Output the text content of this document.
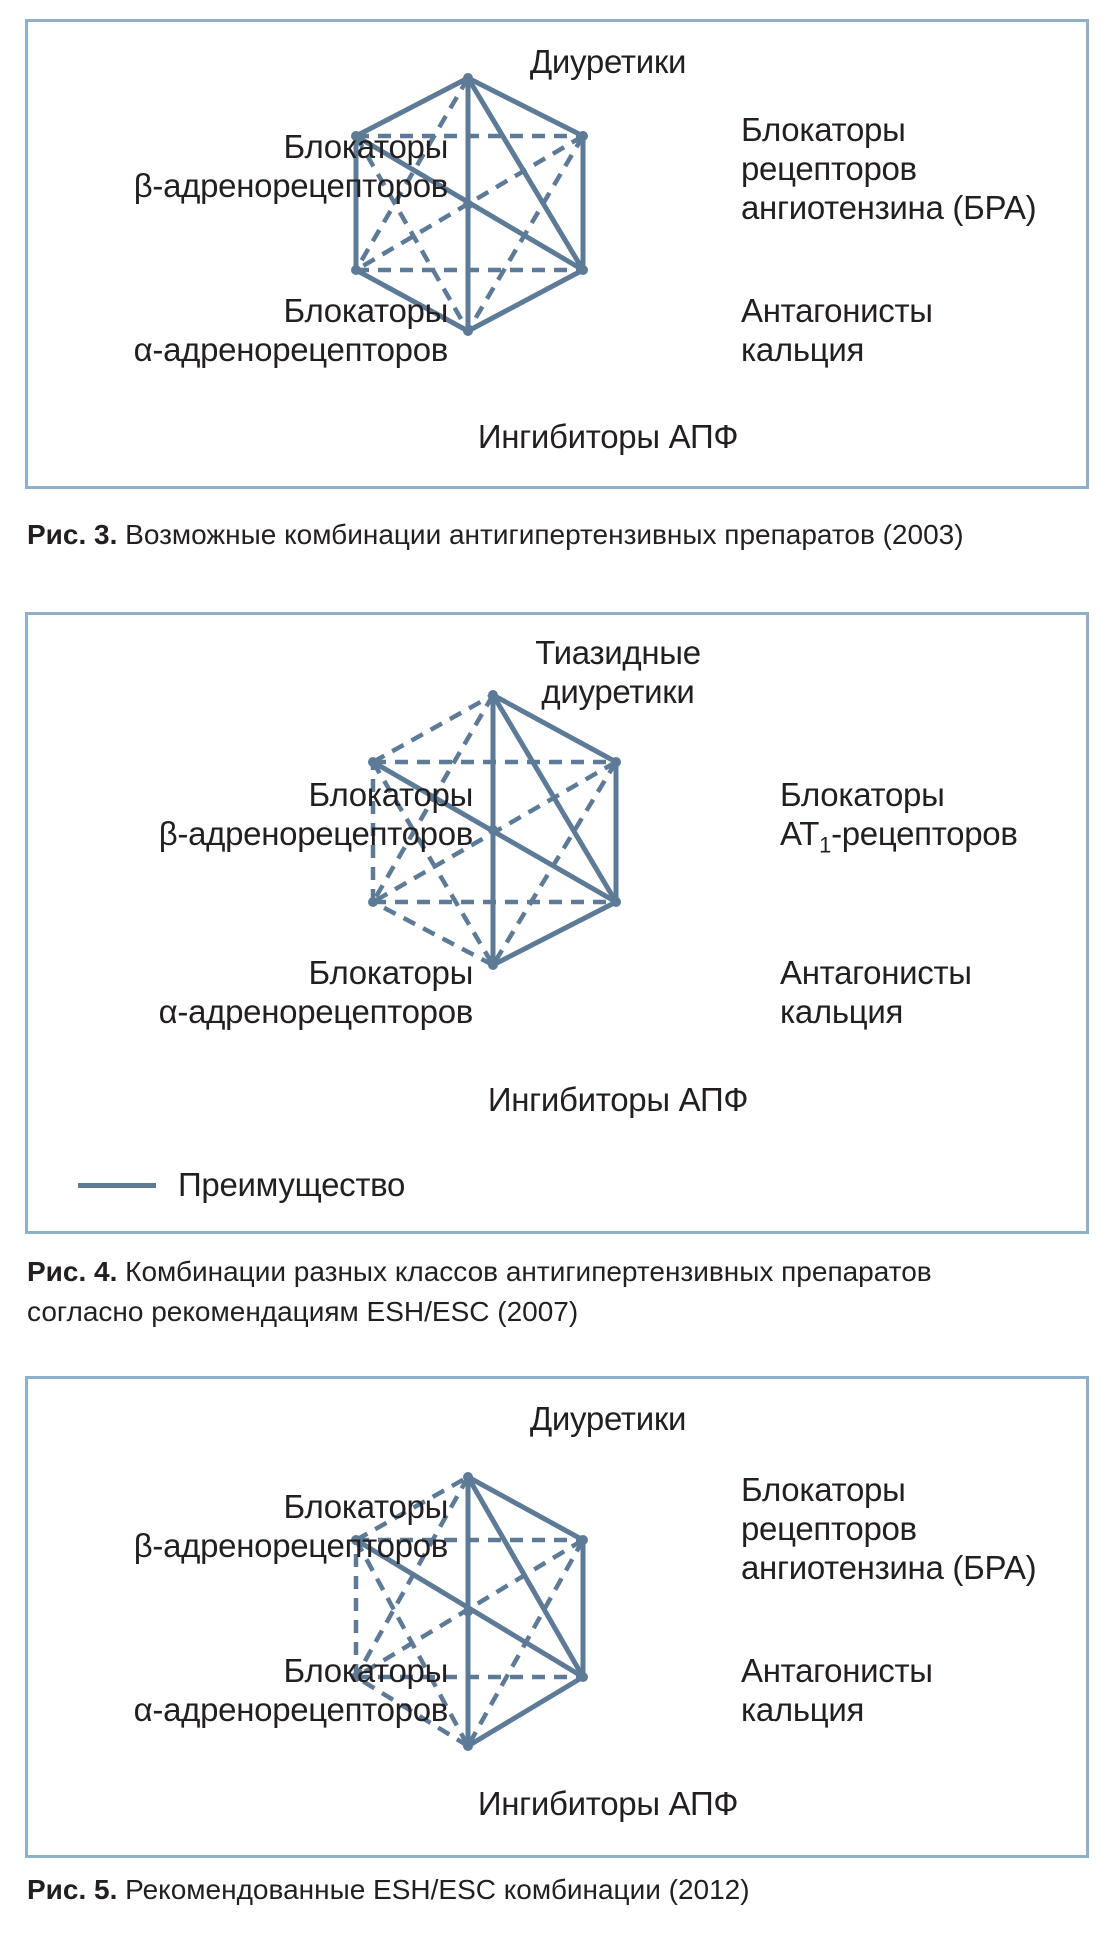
Диуретики
Блокаторы
β-адренорецепторов
Блокаторы
рецепторов
ангиотензина (БРА)
Блокаторы
α-адренорецепторов
Антагонисты
кальция
Ингибиторы АПФ
Рис. 3. Возможные комбинации антигипертензивных препаратов (2003)
Тиазидные
диуретики
Блокаторы
β-адренорецепторов
Блокаторы
$AT_1$-рецепторов
Блокаторы
α-адренорецепторов
Антагонисты
кальция
Ингибиторы АПФ
Преимущество
Рис. 4. Комбинации разных классов антигипертензивных препаратов
согласно рекомендациям ESH/ESC (2007)
Диуретики
Блокаторы
β-адренорецепторов
Блокаторы
рецепторов
ангиотензина (БРА)
Блокаторы
α-адренорецепторов
Антагонисты
кальция
Ингибиторы АПФ
Рис. 5. Рекомендованные ESH/ESC комбинации (2012)
